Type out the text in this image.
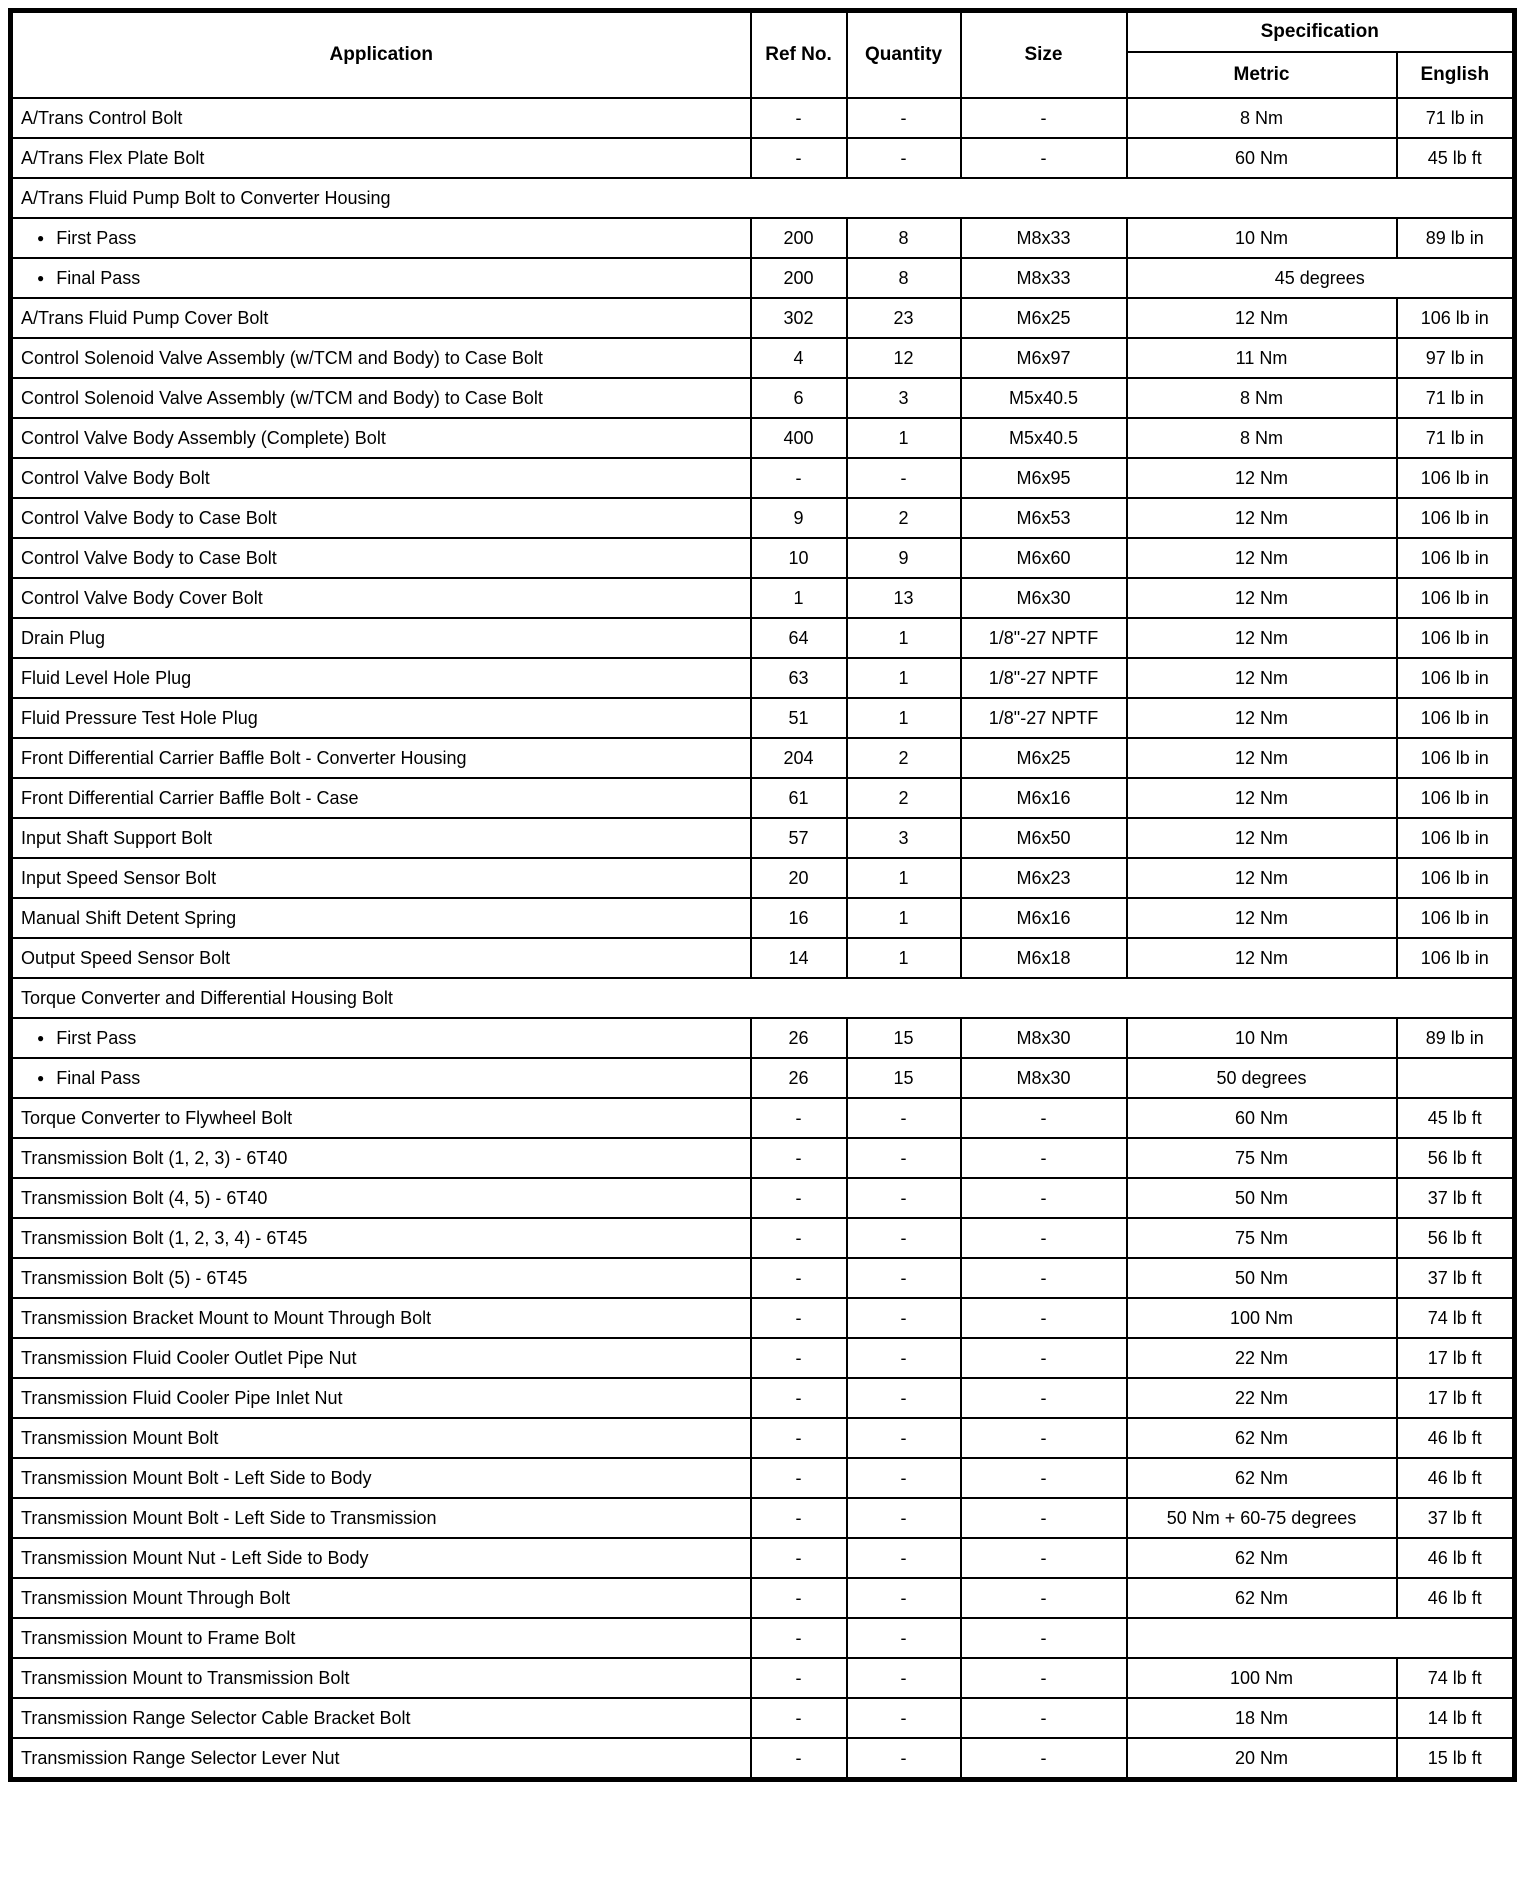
Application	Ref No.	Quantity	Size	Specification	
				Metric	English
A/Trans Control Bolt	-	-	-	8 Nm	71 lb in
A/Trans Flex Plate Bolt	-	-	-	60 Nm	45 lb ft
A/Trans Fluid Pump Bolt to Converter Housing					
● First Pass	200	8	M8x33	10 Nm	89 lb in
● Final Pass	200	8	M8x33	45 degrees	
A/Trans Fluid Pump Cover Bolt	302	23	M6x25	12 Nm	106 lb in
Control Solenoid Valve Assembly (w/TCM and Body) to Case Bolt	4	12	M6x97	11 Nm	97 lb in
Control Solenoid Valve Assembly (w/TCM and Body) to Case Bolt	6	3	M5x40.5	8 Nm	71 lb in
Control Valve Body Assembly (Complete) Bolt	400	1	M5x40.5	8 Nm	71 lb in
Control Valve Body Bolt	-	-	M6x95	12 Nm	106 lb in
Control Valve Body to Case Bolt	9	2	M6x53	12 Nm	106 lb in
Control Valve Body to Case Bolt	10	9	M6x60	12 Nm	106 lb in
Control Valve Body Cover Bolt	1	13	M6x30	12 Nm	106 lb in
Drain Plug	64	1	1/8"-27 NPTF	12 Nm	106 lb in
Fluid Level Hole Plug	63	1	1/8"-27 NPTF	12 Nm	106 lb in
Fluid Pressure Test Hole Plug	51	1	1/8"-27 NPTF	12 Nm	106 lb in
Front Differential Carrier Baffle Bolt - Converter Housing	204	2	M6x25	12 Nm	106 lb in
Front Differential Carrier Baffle Bolt - Case	61	2	M6x16	12 Nm	106 lb in
Input Shaft Support Bolt	57	3	M6x50	12 Nm	106 lb in
Input Speed Sensor Bolt	20	1	M6x23	12 Nm	106 lb in
Manual Shift Detent Spring	16	1	M6x16	12 Nm	106 lb in
Output Speed Sensor Bolt	14	1	M6x18	12 Nm	106 lb in
Torque Converter and Differential Housing Bolt					
● First Pass	26	15	M8x30	10 Nm	89 lb in
● Final Pass	26	15	M8x30	50 degrees	
Torque Converter to Flywheel Bolt	-	-	-	60 Nm	45 lb ft
Transmission Bolt (1, 2, 3) - 6T40	-	-	-	75 Nm	56 lb ft
Transmission Bolt (4, 5) - 6T40	-	-	-	50 Nm	37 lb ft
Transmission Bolt (1, 2, 3, 4) - 6T45	-	-	-	75 Nm	56 lb ft
Transmission Bolt (5) - 6T45	-	-	-	50 Nm	37 lb ft
Transmission Bracket Mount to Mount Through Bolt	-	-	-	100 Nm	74 lb ft
Transmission Fluid Cooler Outlet Pipe Nut	-	-	-	22 Nm	17 lb ft
Transmission Fluid Cooler Pipe Inlet Nut	-	-	-	22 Nm	17 lb ft
Transmission Mount Bolt	-	-	-	62 Nm	46 lb ft
Transmission Mount Bolt - Left Side to Body	-	-	-	62 Nm	46 lb ft
Transmission Mount Bolt - Left Side to Transmission	-	-	-	50 Nm + 60-75 degrees	37 lb ft
Transmission Mount Nut - Left Side to Body	-	-	-	62 Nm	46 lb ft
Transmission Mount Through Bolt	-	-	-	62 Nm	46 lb ft
Transmission Mount to Frame Bolt	-	-	-		
Transmission Mount to Transmission Bolt	-	-	-	100 Nm	74 lb ft
Transmission Range Selector Cable Bracket Bolt	-	-	-	18 Nm	14 lb ft
Transmission Range Selector Lever Nut	-	-	-	20 Nm	15 lb ft
